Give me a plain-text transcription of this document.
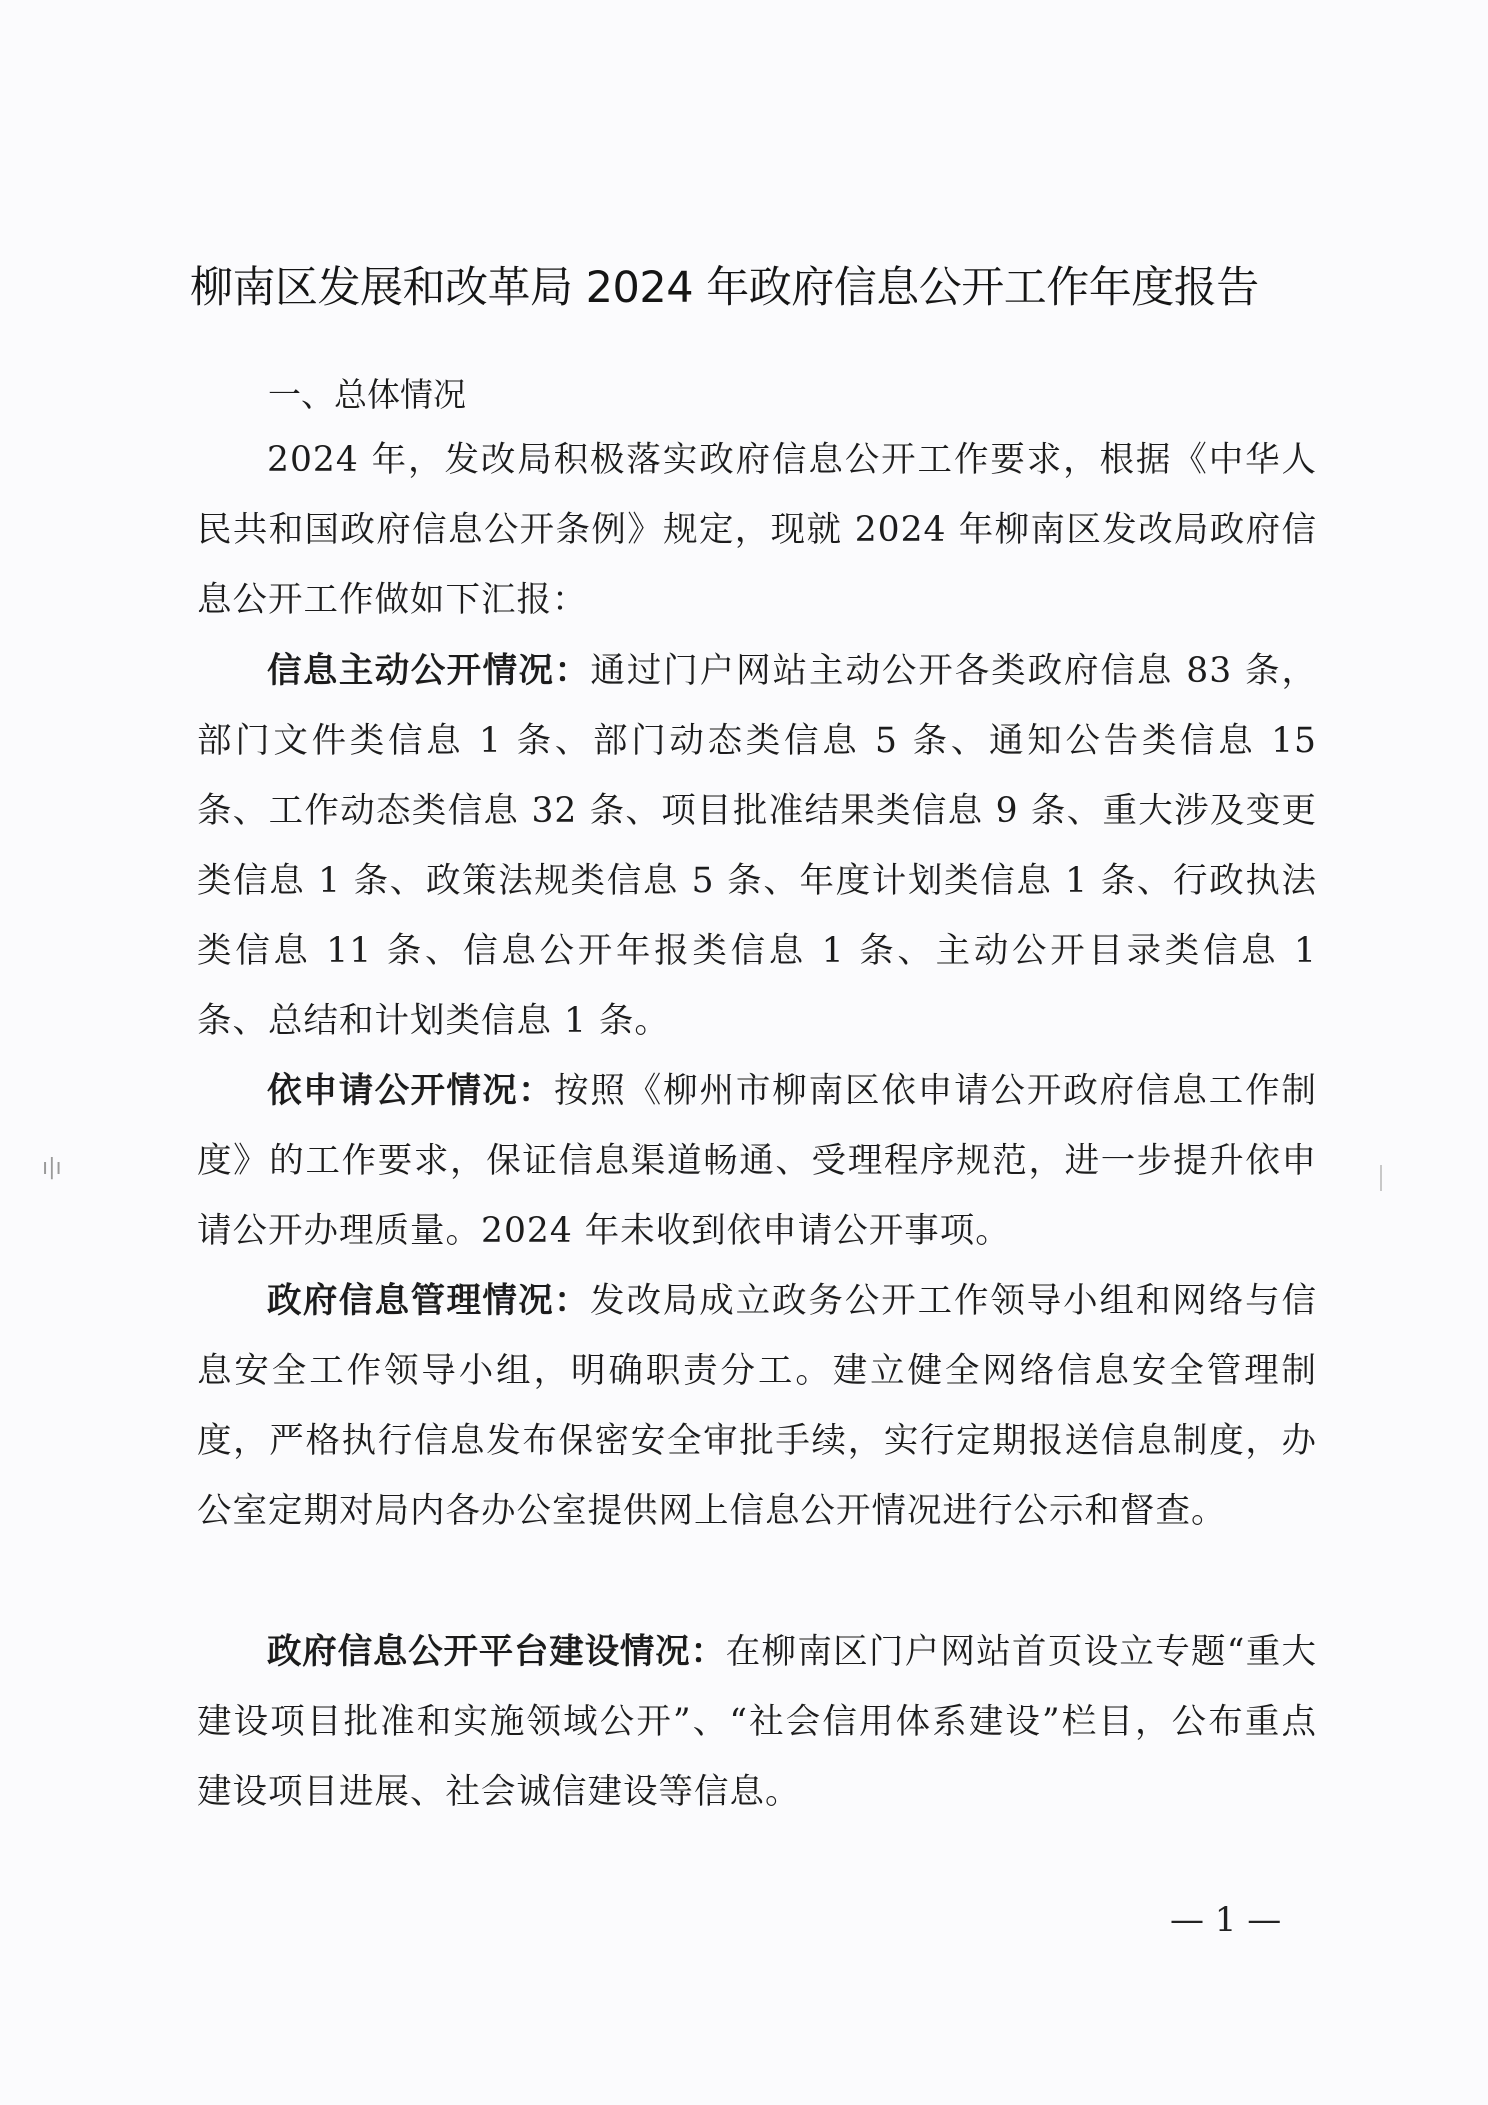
柳南区发展和改革局 2024 年政府信息公开工作年度报告
一、总体情况

2024 年，发改局积极落实政府信息公开工作要求，根据《中华人民共和国政府信息公开条例》规定，现就 2024 年柳南区发改局政府信息公开工作做如下汇报：

信息主动公开情况：通过门户网站主动公开各类政府信息 83 条，部门文件类信息 1 条、部门动态类信息 5 条、通知公告类信息 15 条、工作动态类信息 32 条、项目批准结果类信息 9 条、重大涉及变更类信息 1 条、政策法规类信息 5 条、年度计划类信息 1 条、行政执法类信息 11 条、信息公开年报类信息 1 条、主动公开目录类信息 1 条、总结和计划类信息 1 条。

依申请公开情况：按照《柳州市柳南区依申请公开政府信息工作制度》的工作要求，保证信息渠道畅通、受理程序规范，进一步提升依申请公开办理质量。2024 年未收到依申请公开事项。

政府信息管理情况：发改局成立政务公开工作领导小组和网络与信息安全工作领导小组，明确职责分工。建立健全网络信息安全管理制度，严格执行信息发布保密安全审批手续，实行定期报送信息制度，办公室定期对局内各办公室提供网上信息公开情况进行公示和督查。

政府信息公开平台建设情况：在柳南区门户网站首页设立专题“重大建设项目批准和实施领域公开”、“社会信用体系建设”栏目，公布重点建设项目进展、社会诚信建设等信息。

— 1 —
ı|ı
